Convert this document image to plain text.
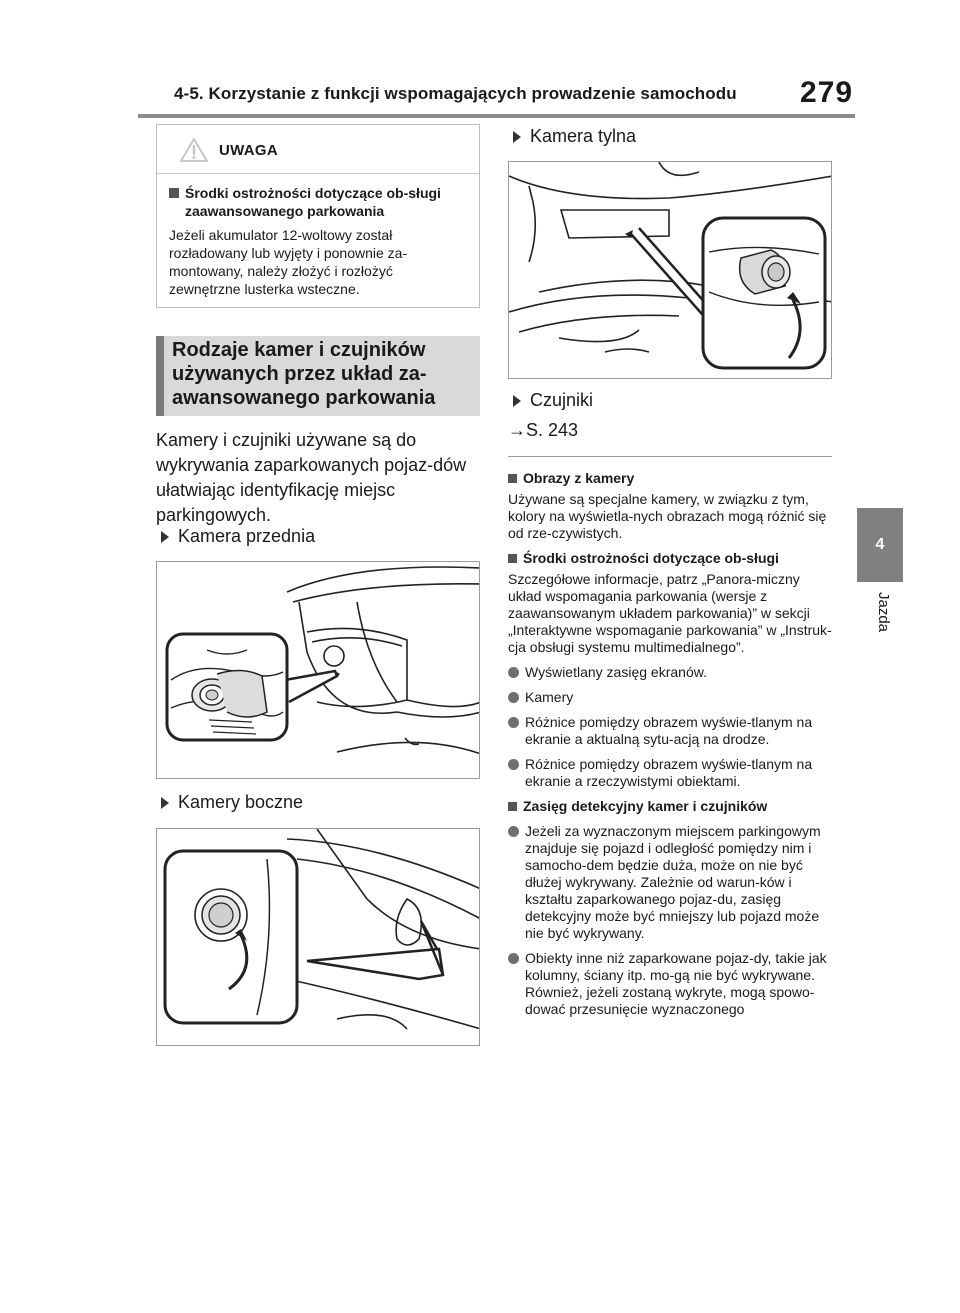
4-5. Korzystanie z funkcji wspomagających prowadzenie samochodu 279
4
Jazda
UWAGA
Środki ostrożności dotyczące ob-sługi zaawansowanego parkowania
Jeżeli akumulator 12-woltowy został rozładowany lub wyjęty i ponownie za-montowany, należy złożyć i rozłożyć zewnętrzne lusterka wsteczne.
Rodzaje kamer i czujników używanych przez układ za-awansowanego parkowania
Kamery i czujniki używane są do wykrywania zaparkowanych pojaz-dów ułatwiając identyfikację miejsc parkingowych.
Kamera przednia
Kamery boczne
Kamera tylna
Czujniki
→S. 243
Obrazy z kamery
Używane są specjalne kamery, w związku z tym, kolory na wyświetla-nych obrazach mogą różnić się od rze-czywistych.
Środki ostrożności dotyczące ob-sługi
Szczegółowe informacje, patrz „Panora-miczny układ wspomagania parkowania (wersje z zaawansowanym układem parkowania)” w sekcji „Interaktywne wspomaganie parkowania” w „Instruk-cja obsługi systemu multimedialnego”.
Wyświetlany zasięg ekranów.
Kamery
Różnice pomiędzy obrazem wyświe-tlanym na ekranie a aktualną sytu-acją na drodze.
Różnice pomiędzy obrazem wyświe-tlanym na ekranie a rzeczywistymi obiektami.
Zasięg detekcyjny kamer i czujników
Jeżeli za wyznaczonym miejscem parkingowym znajduje się pojazd i odległość pomiędzy nim i samocho-dem będzie duża, może on nie być dłużej wykrywany. Zależnie od warun-ków i kształtu zaparkowanego pojaz-du, zasięg detekcyjny może być mniejszy lub pojazd może nie być wykrywany.
Obiekty inne niż zaparkowane pojaz-dy, takie jak kolumny, ściany itp. mo-gą nie być wykrywane. Również, jeżeli zostaną wykryte, mogą spowo-dować przesunięcie wyznaczonego
